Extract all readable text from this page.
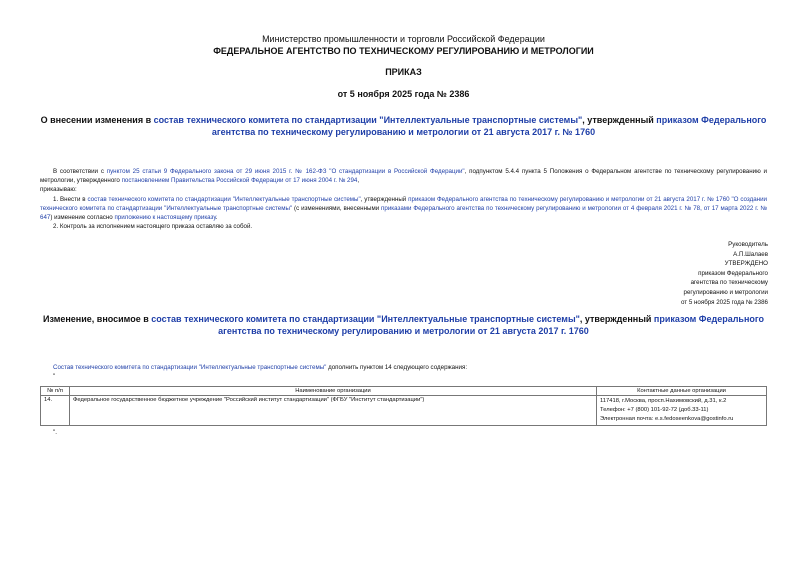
Министерство промышленности и торговли Российской Федерации
ФЕДЕРАЛЬНОЕ АГЕНТСТВО ПО ТЕХНИЧЕСКОМУ РЕГУЛИРОВАНИЮ И МЕТРОЛОГИИ
ПРИКАЗ
от 5 ноября 2025 года № 2386
О внесении изменения в состав технического комитета по стандартизации "Интеллектуальные транспортные системы", утвержденный приказом Федерального агентства по техническому регулированию и метрологии от 21 августа 2017 г. № 1760

В соответствии с пунктом 25 статьи 9 Федерального закона от 29 июня 2015 г. № 162-ФЗ "О стандартизации в Российской Федерации", подпунктом 5.4.4 пункта 5 Положения о Федеральном агентстве по техническому регулированию и метрологии, утвержденного постановлением Правительства Российской Федерации от 17 июня 2004 г. № 294,

приказываю:

1. Внести в состав технического комитета по стандартизации "Интеллектуальные транспортные системы", утвержденный приказом Федерального агентства по техническому регулированию и метрологии от 21 августа 2017 г. № 1760 "О создании технического комитета по стандартизации "Интеллектуальные транспортные системы" (с изменениями, внесенными приказами Федерального агентства по техническому регулированию и метрологии от 4 февраля 2021 г. № 78, от 17 марта 2022 г. № 647) изменение согласно приложению к настоящему приказу.

2. Контроль за исполнением настоящего приказа оставляю за собой.

Руководитель
А.П.Шалаев
УТВЕРЖДЕНО
приказом Федерального
агентства по техническому
регулированию и метрологии
от 5 ноября 2025 года № 2386
Изменение, вносимое в состав технического комитета по стандартизации "Интеллектуальные транспортные системы", утвержденный приказом Федерального агентства по техническому регулированию и метрологии от 21 августа 2017 г. 1760
Состав технического комитета по стандартизации "Интеллектуальные транспортные системы" дополнить пунктом 14 следующего содержания:
"
№ п/п	Наименование организации	Контактные данные организации
14.	Федеральное государственное бюджетное учреждение "Российский институт стандартизации" (ФГБУ "Институт стандартизации")	117418, г.Москва, просп.Нахимовский, д.31, к.2
Телефон: +7 (800) 101-92-72 (доб.33-11)
Электронная почта: e.s.fedoseenkova@gostinfo.ru
".
